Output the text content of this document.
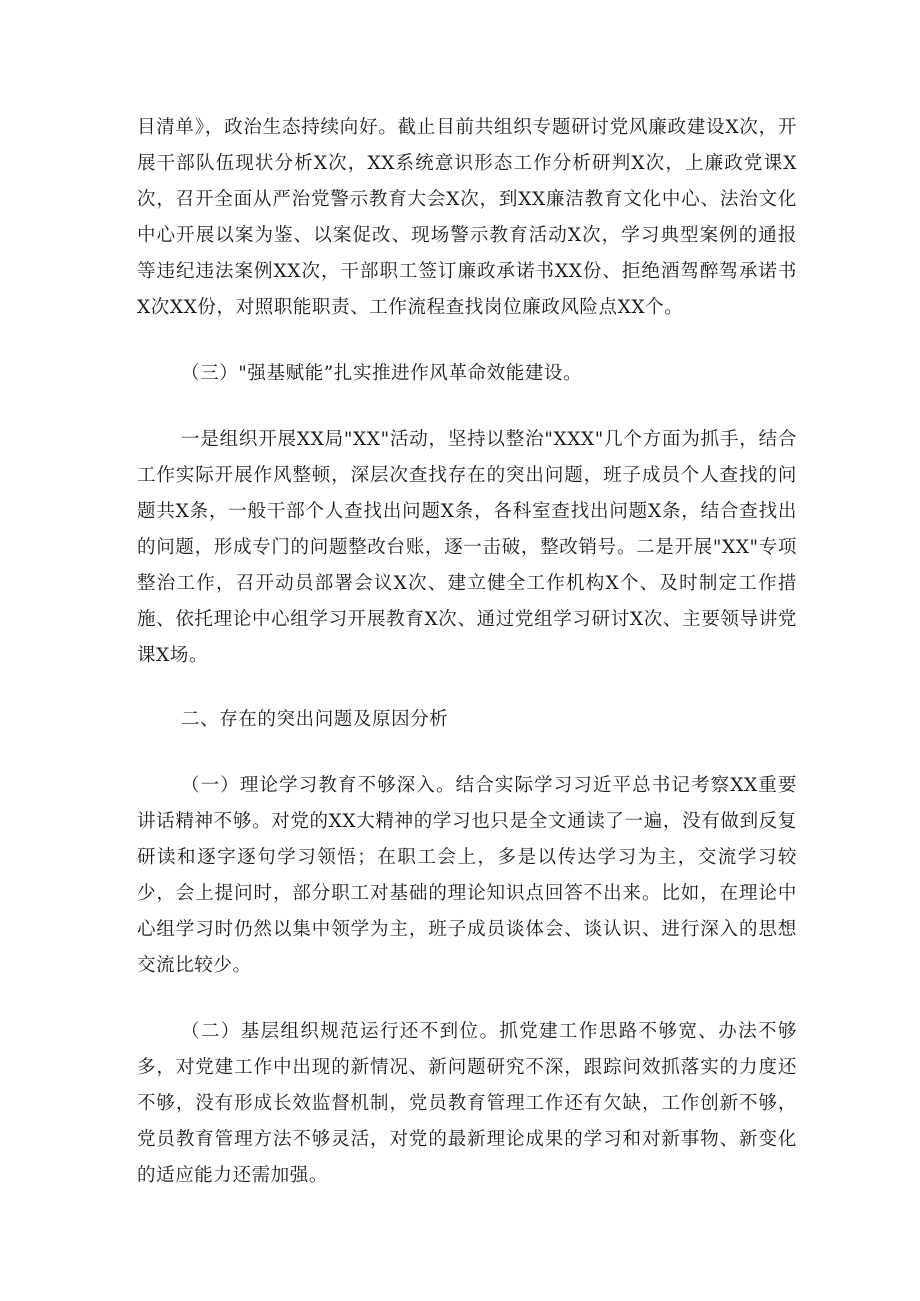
目清单》，政治生态持续向好。截止目前共组织专题研讨党风廉政建设X次，开展干部队伍现状分析X次，XX系统意识形态工作分析研判X次，上廉政党课X次，召开全面从严治党警示教育大会X次，到XX廉洁教育文化中心、法治文化中心开展以案为鉴、以案促改、现场警示教育活动X次，学习典型案例的通报等违纪违法案例XX次，干部职工签订廉政承诺书XX份、拒绝酒驾醉驾承诺书X次XX份，对照职能职责、工作流程查找岗位廉政风险点XX个。

（三）"强基赋能”扎实推进作风革命效能建设。

一是组织开展XX局"XX"活动，坚持以整治"XXX"几个方面为抓手，结合工作实际开展作风整顿，深层次查找存在的突出问题，班子成员个人查找的问题共X条，一般干部个人查找出问题X条，各科室查找出问题X条，结合查找出的问题，形成专门的问题整改台账，逐一击破，整改销号。二是开展"XX"专项整治工作，召开动员部署会议X次、建立健全工作机构X个、及时制定工作措施、依托理论中心组学习开展教育X次、通过党组学习研讨X次、主要领导讲党课X场。

二、存在的突出问题及原因分析

（一）理论学习教育不够深入。结合实际学习习近平总书记考察XX重要讲话精神不够。对党的XX大精神的学习也只是全文通读了一遍，没有做到反复研读和逐字逐句学习领悟；在职工会上，多是以传达学习为主，交流学习较少，会上提问时，部分职工对基础的理论知识点回答不出来。比如，在理论中心组学习时仍然以集中领学为主，班子成员谈体会、谈认识、进行深入的思想交流比较少。

（二）基层组织规范运行还不到位。抓党建工作思路不够宽、办法不够多，对党建工作中出现的新情况、新问题研究不深，跟踪问效抓落实的力度还不够，没有形成长效监督机制，党员教育管理工作还有欠缺，工作创新不够，党员教育管理方法不够灵活，对党的最新理论成果的学习和对新事物、新变化的适应能力还需加强。
